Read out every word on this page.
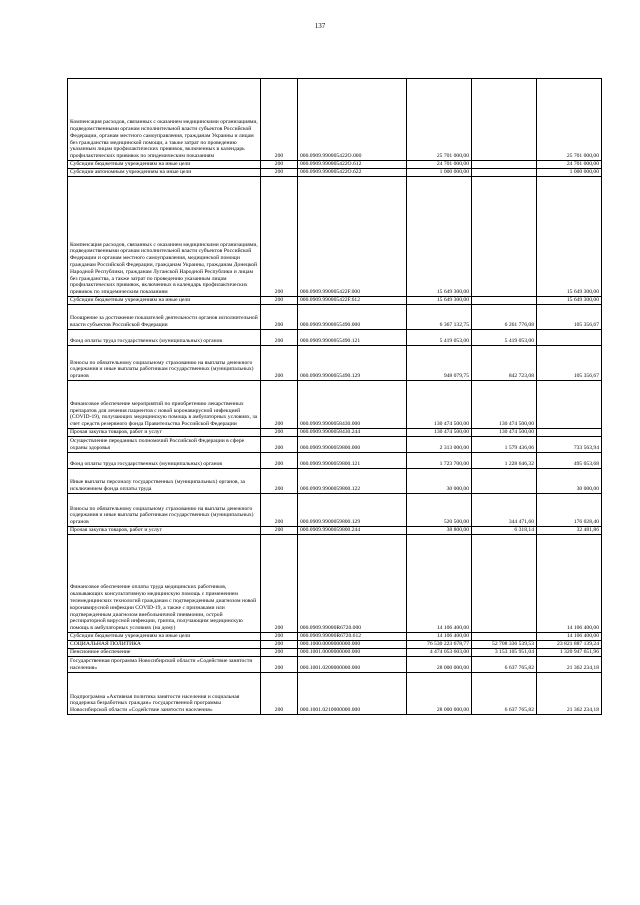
137
Компенсация расходов, связанных с оказанием медицинскими организациями, подведомственными органам исполнительной власти субъектов Российской Федерации, органам местного самоуправления, гражданам Украины и лицам без гражданства медицинской помощи, а также затрат по проведению указанным лицам профилактических прививок, включенных в календарь профилактических прививок по эпидемическим показаниям	200	000.0909.990005422О.000	25 701 000,00		25 701 000,00
Субсидии бюджетным учреждениям на иные цели	200	000.0909.990005422О.612	24 701 000,00		24 701 000,00
Субсидии автономным учреждениям на иные цели	200	000.0909.990005422О.622	1 000 000,00		1 000 000,00
Компенсация расходов, связанных с оказанием медицинскими организациями, подведомственными органам исполнительной власти субъектов Российской Федерации и органам местного самоуправления, медицинской помощи гражданам Российской Федерации, гражданам Украины, гражданам Донецкой Народной Республики, гражданам Луганской Народной Республики и лицам без гражданства, а также затрат по проведению указанным лицам профилактических прививок, включенных в календарь профилактических прививок по эпидемическим показаниям	200	000.0909.990005422F.000	15 649 300,00		15 649 300,00
Субсидии бюджетным учреждениям на иные цели	200	000.0909.990005422F.612	15 649 300,00		15 649 300,00
Поощрение за достижение показателей деятельности органов исполнительной власти субъектов Российской Федерации	200	000.0909.9900055490.000	6 367 132,75	6 261 776,08	105 356,67
Фонд оплаты труда государственных (муниципальных) органов	200	000.0909.9900055490.121	5 419 053,00	5 419 053,00	
Взносы по обязательному социальному страхованию на выплаты денежного содержания и иные выплаты работникам государственных (муниципальных) органов	200	000.0909.9900055490.129	948 079,75	842 723,08	105 356,67
Финансовое обеспечение мероприятий по приобретению лекарственных препаратов для лечения пациентов с новой коронавирусной инфекцией (COVID-19), получающих медицинскую помощь в амбулаторных условиях, за счет средств резервного фонда Правительства Российской Федерации	200	000.0909.9900058430.000	130 474 500,00	130 474 500,00	
Прочая закупка товаров, работ и услуг	200	000.0909.9900058430.244	130 474 500,00	130 474 500,00	
Осуществление переданных полномочий Российской Федерации в сфере охраны здоровья	200	000.0909.9900059800.000	2 313 000,00	1 579 436,06	733 563,94
Фонд оплаты труда государственных (муниципальных) органов	200	000.0909.9900059800.121	1 723 700,00	1 228 646,32	495 053,68
Иные выплаты персоналу государственных (муниципальных) органов, за исключением фонда оплаты труда	200	000.0909.9900059800.122	30 000,00		30 000,00
Взносы по обязательному социальному страхованию на выплаты денежного содержания и иные выплаты работникам государственных (муниципальных) органов	200	000.0909.9900059800.129	520 500,00	344 471,60	176 028,40
Прочая закупка товаров, работ и услуг	200	000.0909.9900059800.244	38 800,00	6 318,14	32 481,86
Финансовое обеспечение оплаты труда медицинских работников, оказывающих консультативную медицинскую помощь с применением телемедицинских технологий гражданам с подтвержденным диагнозом новой коронавирусной инфекции COVID-19, а также с признаками или подтвержденным диагнозом внебольничной пневмонии, острой респираторной вирусной инфекции, гриппа, получающим медицинскую помощь в амбулаторных условиях (на дому)	200	000.0909.99000R6720.000	14 106 400,00		14 106 400,00
Субсидии бюджетным учреждениям на иные цели	200	000.0909.99000R6720.612	14 106 400,00		14 106 400,00
СОЦИАЛЬНАЯ ПОЛИТИКА	200	000.1000.0000000000.000	76 530 223 678,77	52 708 336 539,53	23 821 887 139,24
Пенсионное обеспечение	200	000.1001.0000000000.000	4 474 053 603,00	3 153 105 951,04	1 320 947 651,96
Государственная программа Новосибирской области «Содействие занятости населения»	200	000.1001.0200000000.000	28 000 000,00	6 637 765,82	21 362 234,18
Подпрограмма «Активная политика занятости населения и социальная поддержка безработных граждан» государственной программы Новосибирской области «Содействие занятости населения»	200	000.1001.0210000000.000	28 000 000,00	6 637 765,82	21 362 234,18
